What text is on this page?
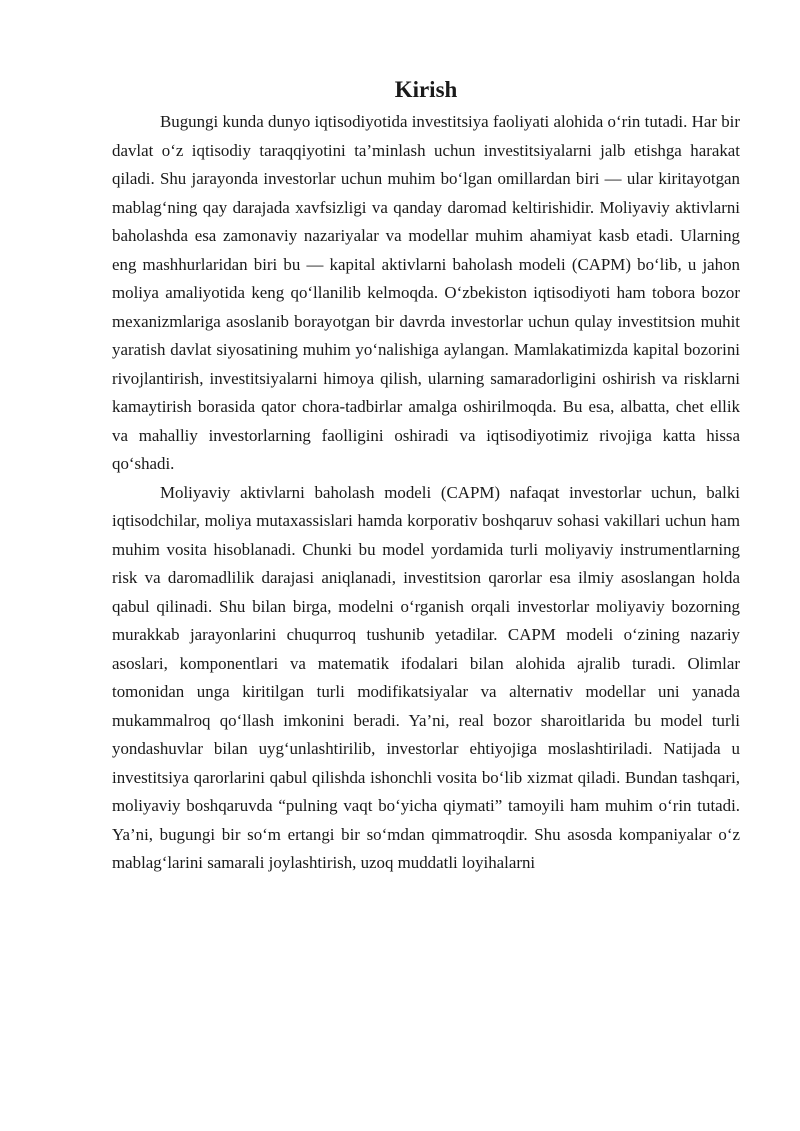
Kirish

Bugungi kunda dunyo iqtisodiyotida investitsiya faoliyati alohida o‘rin tutadi. Har bir davlat o‘z iqtisodiy taraqqiyotini ta’minlash uchun investitsiyalarni jalb etishga harakat qiladi. Shu jarayonda investorlar uchun muhim bo‘lgan omillardan biri — ular kiritayotgan mablag‘ning qay darajada xavfsizligi va qanday daromad keltirishidir. Moliyaviy aktivlarni baholashda esa zamonaviy nazariyalar va modellar muhim ahamiyat kasb etadi. Ularning eng mashhurlaridan biri bu — kapital aktivlarni baholash modeli (CAPM) bo‘lib, u jahon moliya amaliyotida keng qo‘llanilib kelmoqda. O‘zbekiston iqtisodiyoti ham tobora bozor mexanizmlariga asoslanib borayotgan bir davrda investorlar uchun qulay investitsion muhit yaratish davlat siyosatining muhim yo‘nalishiga aylangan. Mamlakatimizda kapital bozorini rivojlantirish, investitsiyalarni himoya qilish, ularning samaradorligini oshirish va risklarni kamaytirish borasida qator chora-tadbirlar amalga oshirilmoqda. Bu esa, albatta, chet ellik va mahalliy investorlarning faolligini oshiradi va iqtisodiyotimiz rivojiga katta hissa qo‘shadi.

Moliyaviy aktivlarni baholash modeli (CAPM) nafaqat investorlar uchun, balki iqtisodchilar, moliya mutaxassislari hamda korporativ boshqaruv sohasi vakillari uchun ham muhim vosita hisoblanadi. Chunki bu model yordamida turli moliyaviy instrumentlarning risk va daromadlilik darajasi aniqlanadi, investitsion qarorlar esa ilmiy asoslangan holda qabul qilinadi. Shu bilan birga, modelni o‘rganish orqali investorlar moliyaviy bozorning murakkab jarayonlarini chuqurroq tushunib yetadilar. CAPM modeli o‘zining nazariy asoslari, komponentlari va matematik ifodalari bilan alohida ajralib turadi. Olimlar tomonidan unga kiritilgan turli modifikatsiyalar va alternativ modellar uni yanada mukammalroq qo‘llash imkonini beradi. Ya’ni, real bozor sharoitlarida bu model turli yondashuvlar bilan uyg‘unlashtirilib, investorlar ehtiyojiga moslashtiriladi. Natijada u investitsiya qarorlarini qabul qilishda ishonchli vosita bo‘lib xizmat qiladi. Bundan tashqari, moliyaviy boshqaruvda “pulning vaqt bo‘yicha qiymati” tamoyili ham muhim o‘rin tutadi. Ya’ni, bugungi bir so‘m ertangi bir so‘mdan qimmatroqdir. Shu asosda kompaniyalar o‘z mablag‘larini samarali joylashtirish, uzoq muddatli loyihalarni
